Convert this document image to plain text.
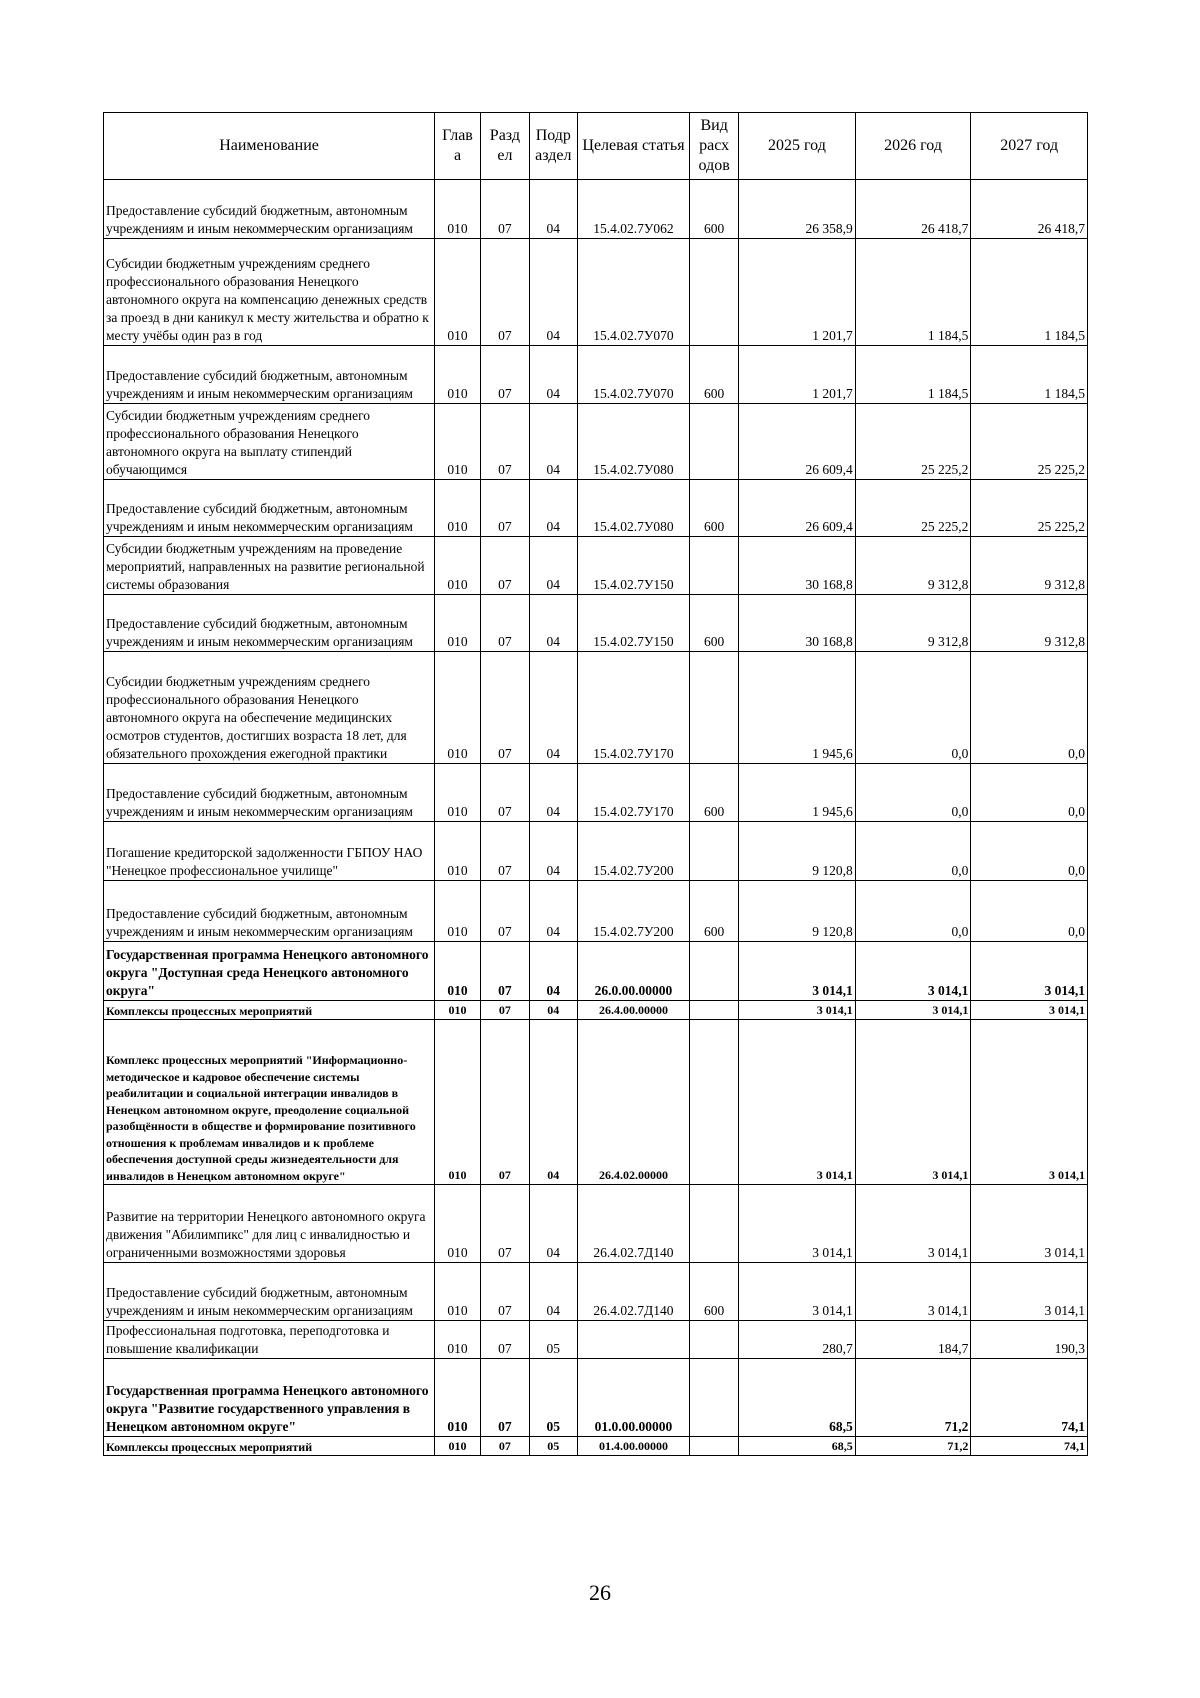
Наименование	Глав а	Разд ел	Подр аздел	Целевая статья	Вид расх одов	2025 год	2026 год	2027 год
Предоставление субсидий бюджетным, автономным учреждениям и иным некоммерческим организациям	010	07	04	15.4.02.7У062	600	26 358,9	26 418,7	26 418,7
Субсидии бюджетным учреждениям среднего профессионального образования Ненецкого автономного округа на компенсацию денежных средств за проезд в дни каникул к месту жительства и обратно к месту учёбы один раз в год	010	07	04	15.4.02.7У070		1 201,7	1 184,5	1 184,5
Предоставление субсидий бюджетным, автономным учреждениям и иным некоммерческим организациям	010	07	04	15.4.02.7У070	600	1 201,7	1 184,5	1 184,5
Субсидии бюджетным учреждениям среднего профессионального образования Ненецкого автономного округа на выплату стипендий обучающимся	010	07	04	15.4.02.7У080		26 609,4	25 225,2	25 225,2
Предоставление субсидий бюджетным, автономным учреждениям и иным некоммерческим организациям	010	07	04	15.4.02.7У080	600	26 609,4	25 225,2	25 225,2
Субсидии бюджетным учреждениям на проведение мероприятий, направленных на развитие региональной системы образования	010	07	04	15.4.02.7У150		30 168,8	9 312,8	9 312,8
Предоставление субсидий бюджетным, автономным учреждениям и иным некоммерческим организациям	010	07	04	15.4.02.7У150	600	30 168,8	9 312,8	9 312,8
Субсидии бюджетным учреждениям среднего профессионального образования Ненецкого автономного округа на обеспечение медицинских осмотров студентов, достигших возраста 18 лет, для обязательного прохождения ежегодной практики	010	07	04	15.4.02.7У170		1 945,6	0,0	0,0
Предоставление субсидий бюджетным, автономным учреждениям и иным некоммерческим организациям	010	07	04	15.4.02.7У170	600	1 945,6	0,0	0,0
Погашение кредиторской задолженности ГБПОУ НАО "Ненецкое профессиональное училище"	010	07	04	15.4.02.7У200		9 120,8	0,0	0,0
Предоставление субсидий бюджетным, автономным учреждениям и иным некоммерческим организациям	010	07	04	15.4.02.7У200	600	9 120,8	0,0	0,0
Государственная программа Ненецкого автономного округа "Доступная среда Ненецкого автономного округа"	010	07	04	26.0.00.00000		3 014,1	3 014,1	3 014,1
Комплексы процессных мероприятий	010	07	04	26.4.00.00000		3 014,1	3 014,1	3 014,1
Комплекс процессных мероприятий "Информационно-методическое и кадровое обеспечение системы реабилитации и социальной интеграции инвалидов в Ненецком автономном округе, преодоление социальной разобщённости в обществе и формирование позитивного отношения к проблемам инвалидов и к проблеме обеспечения доступной среды жизнедеятельности для инвалидов в Ненецком автономном округе"	010	07	04	26.4.02.00000		3 014,1	3 014,1	3 014,1
Развитие на территории Ненецкого автономного округа движения "Абилимпикс" для лиц с инвалидностью и ограниченными возможностями здоровья	010	07	04	26.4.02.7Д140		3 014,1	3 014,1	3 014,1
Предоставление субсидий бюджетным, автономным учреждениям и иным некоммерческим организациям	010	07	04	26.4.02.7Д140	600	3 014,1	3 014,1	3 014,1
Профессиональная подготовка, переподготовка и повышение квалификации	010	07	05			280,7	184,7	190,3
Государственная программа Ненецкого автономного округа "Развитие государственного управления в Ненецком автономном округе"	010	07	05	01.0.00.00000		68,5	71,2	74,1
Комплексы процессных мероприятий	010	07	05	01.4.00.00000		68,5	71,2	74,1
26
